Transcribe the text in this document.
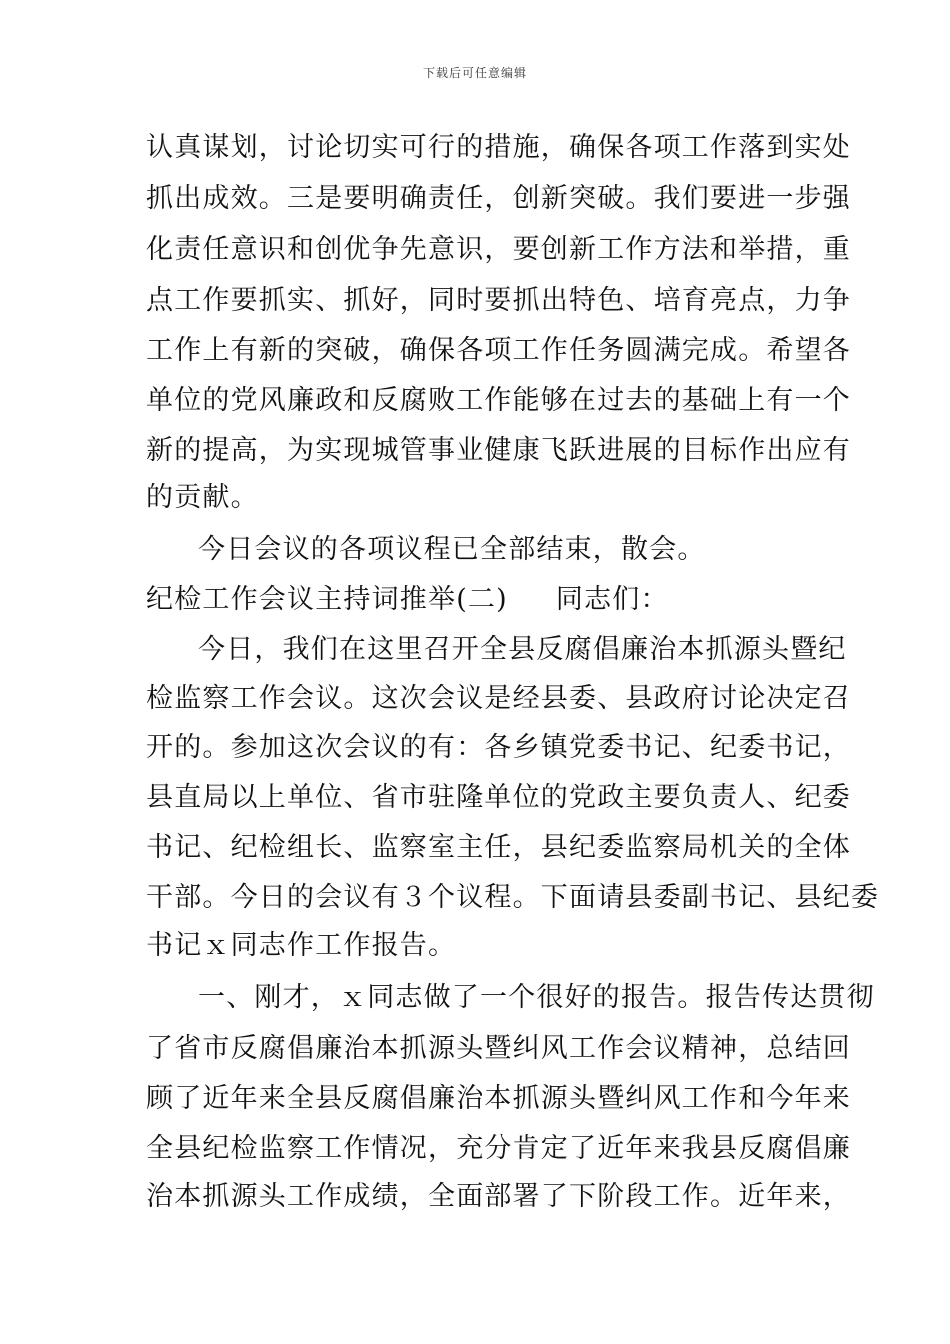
下载后可任意编辑
认真谋划，讨论切实可行的措施，确保各项工作落到实处
抓出成效。三是要明确责任，创新突破。我们要进一步强
化责任意识和创优争先意识，要创新工作方法和举措，重
点工作要抓实、抓好，同时要抓出特色、培育亮点，力争
工作上有新的突破，确保各项工作任务圆满完成。希望各
单位的党风廉政和反腐败工作能够在过去的基础上有一个
新的提高，为实现城管事业健康飞跃进展的目标作出应有
的贡献。
今日会议的各项议程已全部结束，散会。
纪检工作会议主持词推举(二) 同志们：
今日，我们在这里召开全县反腐倡廉治本抓源头暨纪
检监察工作会议。这次会议是经县委、县政府讨论决定召
开的。参加这次会议的有：各乡镇党委书记、纪委书记，
县直局以上单位、省市驻隆单位的党政主要负责人、纪委
书记、纪检组长、监察室主任，县纪委监察局机关的全体
干部。今日的会议有３个议程。下面请县委副书记、县纪委
书记ｘ同志作工作报告。
一、刚才，ｘ同志做了一个很好的报告。报告传达贯彻
了省市反腐倡廉治本抓源头暨纠风工作会议精神，总结回
顾了近年来全县反腐倡廉治本抓源头暨纠风工作和今年来
全县纪检监察工作情况，充分肯定了近年来我县反腐倡廉
治本抓源头工作成绩，全面部署了下阶段工作。近年来，
